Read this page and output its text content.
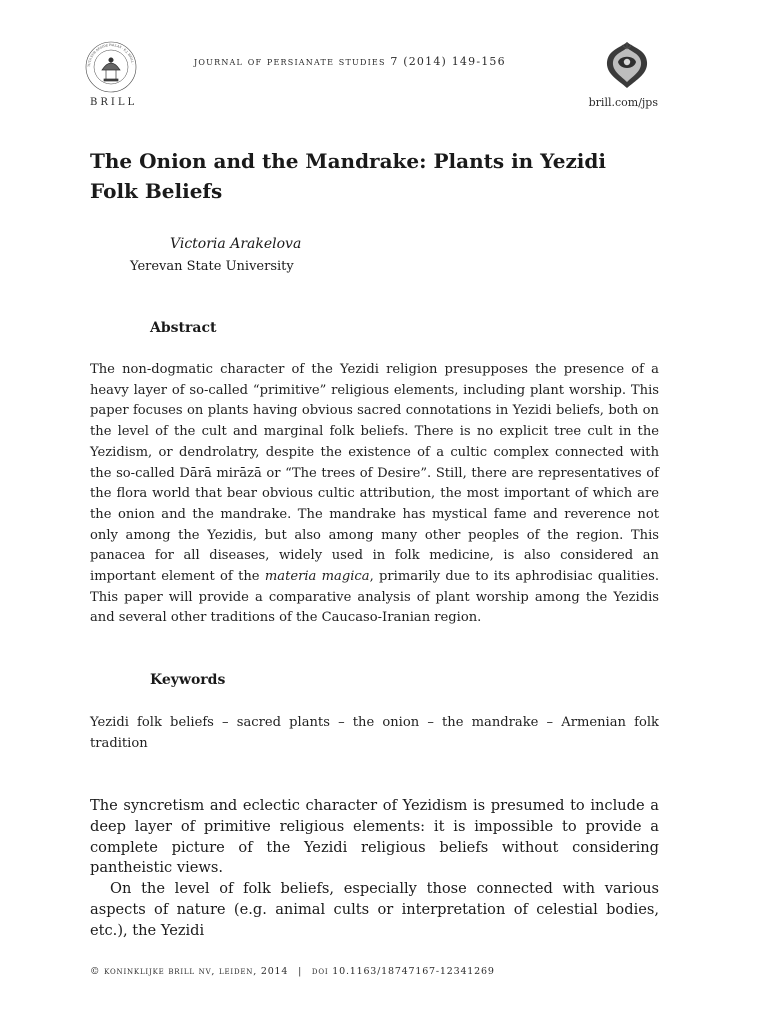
TUTA SUB AEGIDE PALLAS · E.J. BRILL ·
BRILL
journal of persianate studies 7 (2014) 149-156
brill.com/jps
The Onion and the Mandrake: Plants in Yezidi
Folk Beliefs
Victoria Arakelova
Yerevan State University
Abstract

The non-dogmatic character of the Yezidi religion presupposes the presence of a heavy layer of so-called “primitive” religious elements, including plant worship. This paper focuses on plants having obvious sacred connotations in Yezidi beliefs, both on the level of the cult and marginal folk beliefs. There is no explicit tree cult in the Yezidism, or dendrolatry, despite the existence of a cultic complex connected with the so-called Dārā mirāzā or “The trees of Desire”. Still, there are representatives of the flora world that bear obvious cultic attribution, the most important of which are the onion and the mandrake. The mandrake has mystical fame and reverence not only among the Yezidis, but also among many other peoples of the region. This panacea for all diseases, widely used in folk medicine, is also considered an important element of the materia magica, primarily due to its aphrodisiac qualities. This paper will provide a comparative analysis of plant worship among the Yezidis and several other traditions of the Caucaso-Iranian region.

Keywords

Yezidi folk beliefs – sacred plants – the onion – the mandrake – Armenian folk tradition

The syncretism and eclectic character of Yezidism is presumed to include a deep layer of primitive religious elements: it is impossible to provide a complete picture of the Yezidi religious beliefs without considering pantheistic views.

On the level of folk beliefs, especially those connected with various aspects of nature (e.g. animal cults or interpretation of celestial bodies, etc.), the Yezidi

© koninklijke brill nv, leiden, 2014 | doi 10.1163/18747167-12341269
